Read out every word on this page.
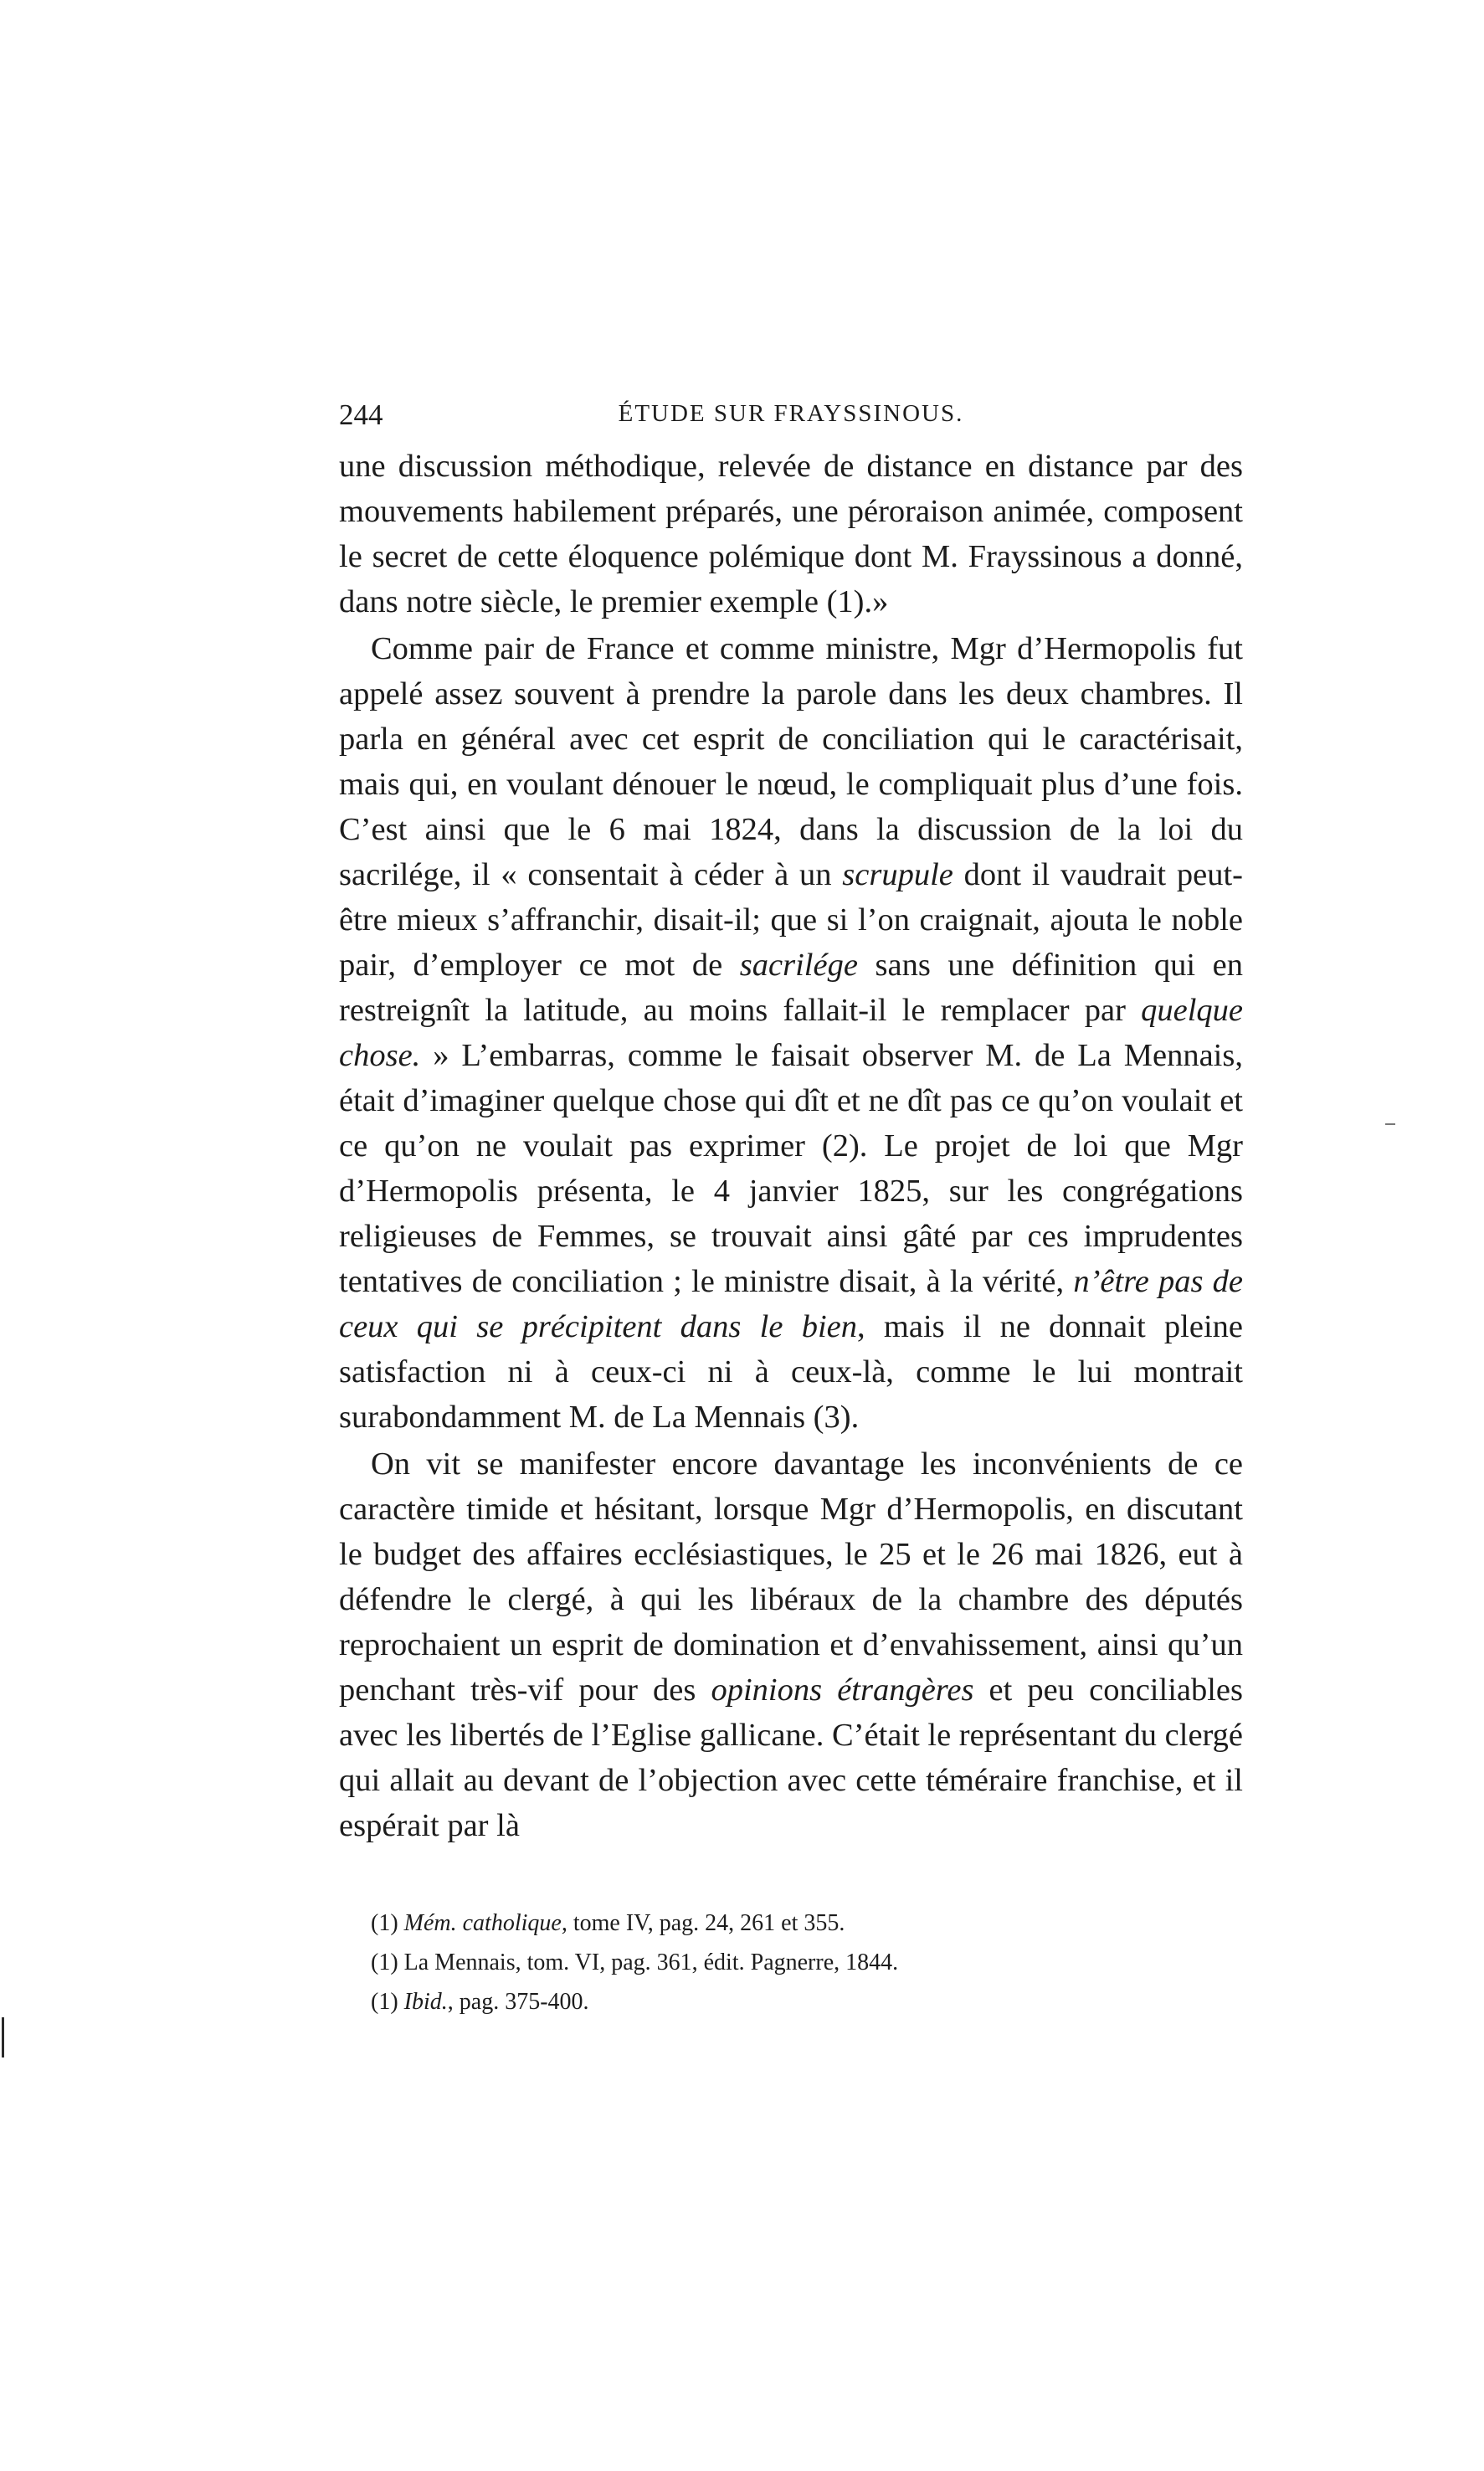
244	ÉTUDE SUR FRAYSSINOUS.

une discussion méthodique, relevée de distance en distance par des mouvements habilement préparés, une péroraison animée, composent le secret de cette éloquence polémique dont M. Frayssinous a donné, dans notre siècle, le premier exemple (1).»

Comme pair de France et comme ministre, Mgr d’Hermopolis fut appelé assez souvent à prendre la parole dans les deux chambres. Il parla en général avec cet esprit de conciliation qui le caractérisait, mais qui, en voulant dénouer le nœud, le compliquait plus d’une fois. C’est ainsi que le 6 mai 1824, dans la discussion de la loi du sacrilége, il « consentait à céder à un scrupule dont il vaudrait peut-être mieux s’affranchir, disait-il; que si l’on craignait, ajouta le noble pair, d’employer ce mot de sacrilége sans une définition qui en restreignît la latitude, au moins fallait-il le remplacer par quelque chose. » L’embarras, comme le faisait observer M. de La Mennais, était d’imaginer quelque chose qui dît et ne dît pas ce qu’on voulait et ce qu’on ne voulait pas exprimer (2). Le projet de loi que Mgr d’Hermopolis présenta, le 4 janvier 1825, sur les congrégations religieuses de Femmes, se trouvait ainsi gâté par ces imprudentes tentatives de conciliation ; le ministre disait, à la vérité, n’être pas de ceux qui se précipitent dans le bien, mais il ne donnait pleine satisfaction ni à ceux-ci ni à ceux-là, comme le lui montrait surabondamment M. de La Mennais (3).

On vit se manifester encore davantage les inconvénients de ce caractère timide et hésitant, lorsque Mgr d’Hermopolis, en discutant le budget des affaires ecclésiastiques, le 25 et le 26 mai 1826, eut à défendre le clergé, à qui les libéraux de la chambre des députés reprochaient un esprit de domination et d’envahissement, ainsi qu’un penchant très-vif pour des opinions étrangères et peu conciliables avec les libertés de l’Eglise gallicane. C’était le représentant du clergé qui allait au devant de l’objection avec cette téméraire franchise, et il espérait par là

(1) Mém. catholique, tome IV, pag. 24, 261 et 355.

(1) La Mennais, tom. VI, pag. 361, édit. Pagnerre, 1844.

(1) Ibid., pag. 375-400.
